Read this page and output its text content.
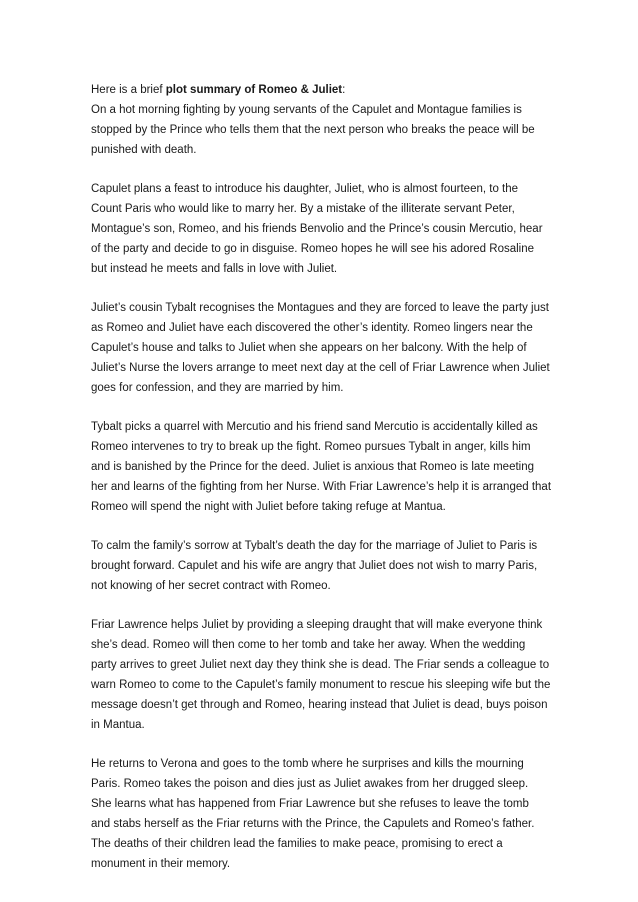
Here is a brief plot summary of Romeo & Juliet:

On a hot morning fighting by young servants of the Capulet and Montague families is stopped by the Prince who tells them that the next person who breaks the peace will be punished with death.

Capulet plans a feast to introduce his daughter, Juliet, who is almost fourteen, to the Count Paris who would like to marry her. By a mistake of the illiterate servant Peter, Montague’s son, Romeo, and his friends Benvolio and the Prince’s cousin Mercutio, hear of the party and decide to go in disguise. Romeo hopes he will see his adored Rosaline but instead he meets and falls in love with Juliet.

Juliet’s cousin Tybalt recognises the Montagues and they are forced to leave the party just as Romeo and Juliet have each discovered the other’s identity. Romeo lingers near the Capulet’s house and talks to Juliet when she appears on her balcony. With the help of Juliet’s Nurse the lovers arrange to meet next day at the cell of Friar Lawrence when Juliet goes for confession, and they are married by him.

Tybalt picks a quarrel with Mercutio and his friend sand Mercutio is accidentally killed as Romeo intervenes to try to break up the fight. Romeo pursues Tybalt in anger, kills him and is banished by the Prince for the deed. Juliet is anxious that Romeo is late meeting her and learns of the fighting from her Nurse. With Friar Lawrence’s help it is arranged that Romeo will spend the night with Juliet before taking refuge at Mantua.

To calm the family’s sorrow at Tybalt’s death the day for the marriage of Juliet to Paris is brought forward. Capulet and his wife are angry that Juliet does not wish to marry Paris, not knowing of her secret contract with Romeo.

Friar Lawrence helps Juliet by providing a sleeping draught that will make everyone think she’s dead. Romeo will then come to her tomb and take her away. When the wedding party arrives to greet Juliet next day they think she is dead. The Friar sends a colleague to warn Romeo to come to the Capulet’s family monument to rescue his sleeping wife but the message doesn’t get through and Romeo, hearing instead that Juliet is dead, buys poison in Mantua.

He returns to Verona and goes to the tomb where he surprises and kills the mourning Paris. Romeo takes the poison and dies just as Juliet awakes from her drugged sleep. She learns what has happened from Friar Lawrence but she refuses to leave the tomb and stabs herself as the Friar returns with the Prince, the Capulets and Romeo’s father. The deaths of their children lead the families to make peace, promising to erect a monument in their memory.
